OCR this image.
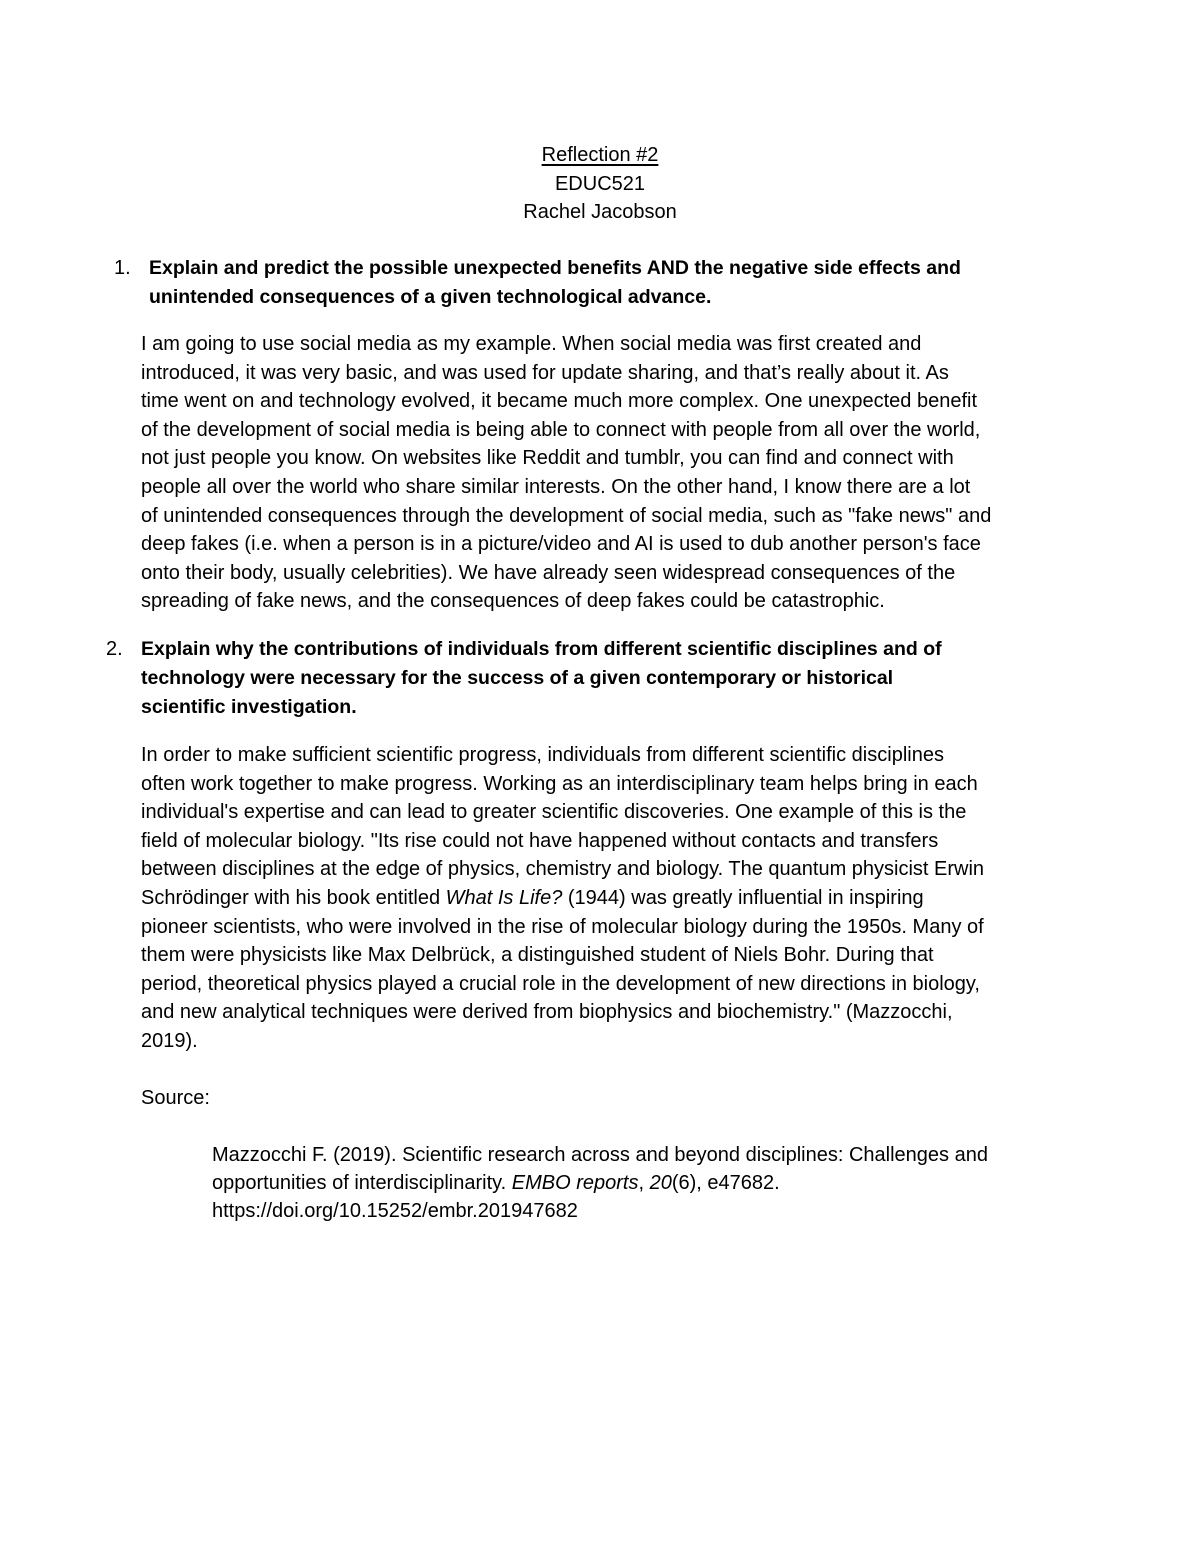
Reflection #2
EDUC521
Rachel Jacobson
1. Explain and predict the possible unexpected benefits AND the negative side effects and
unintended consequences of a given technological advance.
I am going to use social media as my example. When social media was first created and
introduced, it was very basic, and was used for update sharing, and that’s really about it. As
time went on and technology evolved, it became much more complex. One unexpected benefit
of the development of social media is being able to connect with people from all over the world,
not just people you know. On websites like Reddit and tumblr, you can find and connect with
people all over the world who share similar interests. On the other hand, I know there are a lot
of unintended consequences through the development of social media, such as "fake news" and
deep fakes (i.e. when a person is in a picture/video and AI is used to dub another person's face
onto their body, usually celebrities). We have already seen widespread consequences of the
spreading of fake news, and the consequences of deep fakes could be catastrophic.
2. Explain why the contributions of individuals from different scientific disciplines and of
technology were necessary for the success of a given contemporary or historical
scientific investigation.
In order to make sufficient scientific progress, individuals from different scientific disciplines
often work together to make progress. Working as an interdisciplinary team helps bring in each
individual's expertise and can lead to greater scientific discoveries. One example of this is the
field of molecular biology. "Its rise could not have happened without contacts and transfers
between disciplines at the edge of physics, chemistry and biology. The quantum physicist Erwin
Schrödinger with his book entitled What Is Life? (1944) was greatly influential in inspiring
pioneer scientists, who were involved in the rise of molecular biology during the 1950s. Many of
them were physicists like Max Delbrück, a distinguished student of Niels Bohr. During that
period, theoretical physics played a crucial role in the development of new directions in biology,
and new analytical techniques were derived from biophysics and biochemistry." (Mazzocchi,
2019).
Source:
Mazzocchi F. (2019). Scientific research across and beyond disciplines: Challenges and
opportunities of interdisciplinarity. EMBO reports, 20(6), e47682.
https://doi.org/10.15252/embr.201947682
